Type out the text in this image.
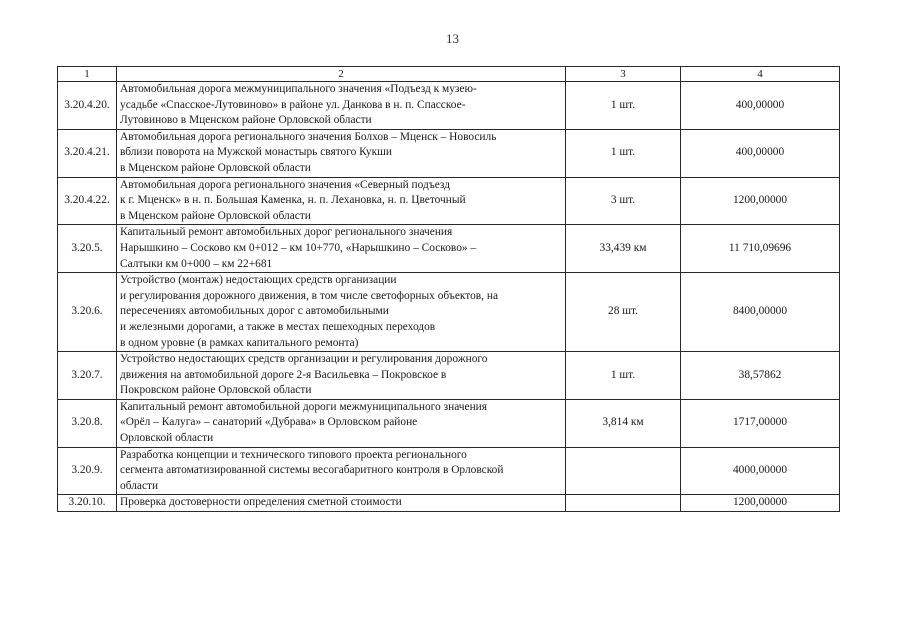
13
1	2	3	4
3.20.4.20.	Автомобильная дорога межмуниципального значения «Подъезд к музею-
усадьбе «Спасское-Лутовиново» в районе ул. Данкова в н. п. Спасское-
Лутовиново в Мценском районе Орловской области	1 шт.	400,00000
3.20.4.21.	Автомобильная дорога регионального значения Болхов – Мценск – Новосиль
вблизи поворота на Мужской монастырь святого Кукши
в Мценском районе Орловской области	1 шт.	400,00000
3.20.4.22.	Автомобильная дорога регионального значения «Северный подъезд
к г. Мценск» в н. п. Большая Каменка, н. п. Лехановка, н. п. Цветочный
в Мценском районе Орловской области	3 шт.	1200,00000
3.20.5.	Капитальный ремонт автомобильных дорог регионального значения
Нарышкино – Сосково км 0+012 – км 10+770, «Нарышкино – Сосково» –
Салтыки км 0+000 – км 22+681	33,439 км	11 710,09696
3.20.6.	Устройство (монтаж) недостающих средств организации
и регулирования дорожного движения, в том числе светофорных объектов, на
пересечениях автомобильных дорог с автомобильными
и железными дорогами, а также в местах пешеходных переходов
в одном уровне (в рамках капитального ремонта)	28 шт.	8400,00000
3.20.7.	Устройство недостающих средств организации и регулирования дорожного
движения на автомобильной дороге 2-я Васильевка – Покровское в
Покровском районе Орловской области	1 шт.	38,57862
3.20.8.	Капитальный ремонт автомобильной дороги межмуниципального значения
«Орёл – Калуга» – санаторий «Дубрава» в Орловском районе
Орловской области	3,814 км	1717,00000
3.20.9.	Разработка концепции и технического типового проекта регионального
сегмента автоматизированной системы весогабаритного контроля в Орловской
области		4000,00000
3.20.10.	Проверка достоверности определения сметной стоимости		1200,00000
